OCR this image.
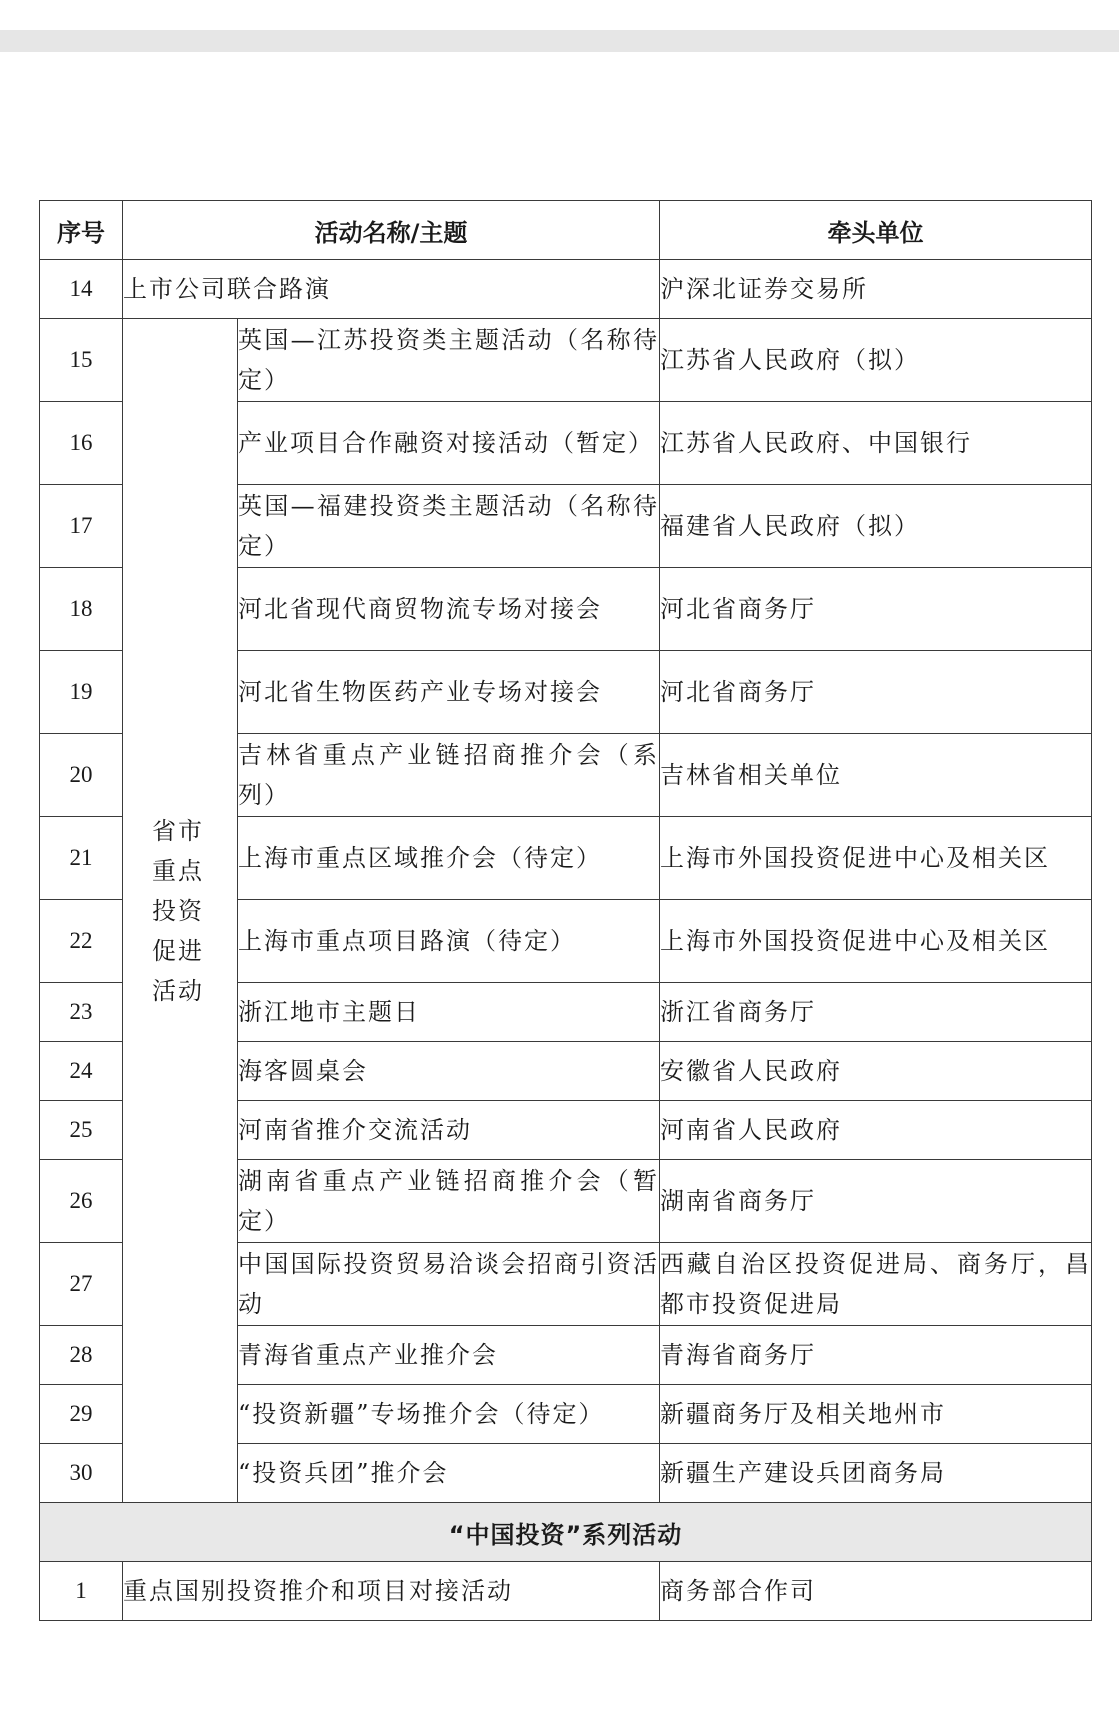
序号	活动名称/主题		牵头单位
14	上市公司联合路演		沪深北证券交易所
15	省市重点投资促进活动	英国—江苏投资类主题活动（名称待定）	江苏省人民政府（拟）
16		产业项目合作融资对接活动（暂定）	江苏省人民政府、中国银行
17		英国—福建投资类主题活动（名称待定）	福建省人民政府（拟）
18		河北省现代商贸物流专场对接会	河北省商务厅
19		河北省生物医药产业专场对接会	河北省商务厅
20		吉林省重点产业链招商推介会（系列）	吉林省相关单位
21		上海市重点区域推介会（待定）	上海市外国投资促进中心及相关区
22		上海市重点项目路演（待定）	上海市外国投资促进中心及相关区
23		浙江地市主题日	浙江省商务厅
24		海客圆桌会	安徽省人民政府
25		河南省推介交流活动	河南省人民政府
26		湖南省重点产业链招商推介会（暂定）	湖南省商务厅
27		中国国际投资贸易洽谈会招商引资活动	西藏自治区投资促进局、商务厅，昌都市投资促进局
28		青海省重点产业推介会	青海省商务厅
29		“投资新疆”专场推介会（待定）	新疆商务厅及相关地州市
30		“投资兵团”推介会	新疆生产建设兵团商务局
“中国投资”系列活动			
1	重点国别投资推介和项目对接活动		商务部合作司
